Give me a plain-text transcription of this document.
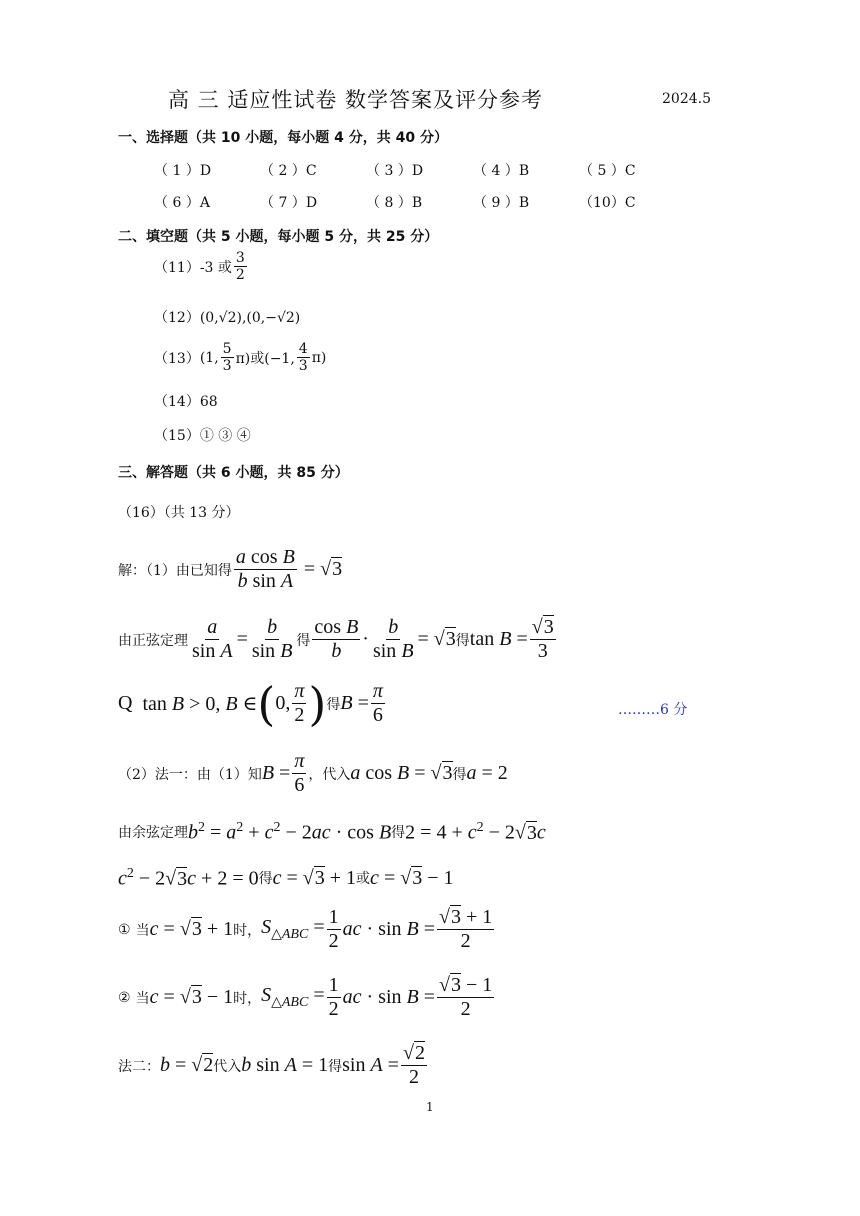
高 三 适应性试卷 数学答案及评分参考	2024.5
一、选择题（共 10 小题，每小题 4 分，共 40 分）
（ 1 ）D	（ 2 ）C	（ 3 ）D	（ 4 ）B	（ 5 ）C
（ 6 ）A	（ 7 ）D	（ 8 ）B	（ 9 ）B	（10）C
二、填空题（共 5 小题，每小题 5 分，共 25 分）
（11） -3 或 $\frac{3}{2}$
（12）(0,√2),(0,−√2)
（13） (1, $\frac{5}{3} \pi$)或(−1, $\frac{4}{3} \pi$)
（14）68
（15）① ③ ④
三、解答题（共 6 小题，共 85 分）
（16）（共 13 分）
解：（1）由已知得 $\frac{\text{a cos B}}{\text{b sin A}} = √3$
由正弦定理 $\frac{a}{\text{sin A}} = \frac{b}{\text{sin B}}$ 得 $\frac{\text{cos B}}{b} \cdot \frac{b}{\text{sin B}} = √3$ 得 $\tan B = \frac{√3}{3}$
Q tan B > 0, B ∈ ( 0, $\frac{\pi}{2}$ ) 得 $B = \frac{\pi}{6}$	………6 分
（2）法一：由（1）知 $B = \frac{\pi}{6}$ ，代入 a cos B = √3 得 a = 2
由余弦定理 $b^2 = a^2 + c^2 - 2ac \cdot \cos B$ 得 $2 = 4 + c^2 - 2√3c$
$c^2 - 2√3c + 2 = 0$ 得 c = √3 + 1 或 c = √3 − 1
①
当 c = √3 + 1 时， $S_{\triangle ABC} = \frac{1}{2}$ ac · $\sin B = \frac{√3 + 1}{2}$
②
当 c = √3 − 1 时， $S_{\triangle ABC} = \frac{1}{2}$ ac · $\sin B = \frac{√3 - 1}{2}$
法二： b = √2 代入 b sin A = 1 得 $\sin A = \frac{√2}{2}$
1
